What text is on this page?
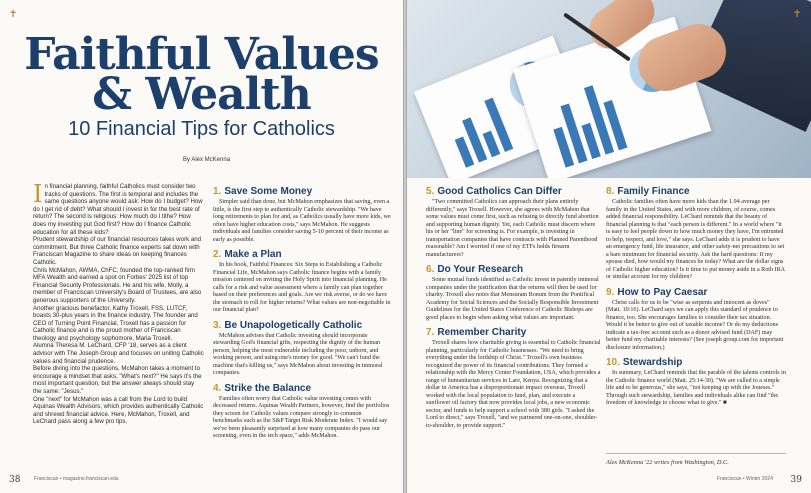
✝
Faithful Values
& Wealth
10 Financial Tips for Catholics
By Alex McKenna

In financial planning, faithful Catholics must consider two tracks of questions. The first is temporal and includes the same questions anyone would ask: How do I budget? How do I get rid of debt? What should I invest in for the best rate of return? The second is religious: How much do I tithe? How does my investing put God first? How do I finance Catholic education for all these kids?

Prudent stewardship of our financial resources takes work and commitment. But three Catholic finance experts sat down with Franciscan Magazine to share ideas on keeping finances Catholic.

Chris McMahon, AWMA, ChFC, founded the top-ranked firm MFA Wealth and earned a spot on Forbes' 2025 list of top Financial Security Professionals. He and his wife, Molly, a member of Franciscan University's Board of Trustees, are also generous supporters of the University.

Another gracious benefactor, Kathy Troxell, FSS, LUTCF, boasts 30-plus years in the finance industry. The founder and CEO of Turning Point Financial, Troxell has a passion for Catholic finance and is the proud mother of Franciscan theology and psychology sophomore, Maria Troxell.

Alumna Theresa M. LeChard, CFP '18, serves as a client advisor with The Joseph Group and focuses on uniting Catholic values and financial prudence.

Before diving into the questions, McMahon takes a moment to encourage a mindset that asks, "What's next?" He says it's the most important question, but the answer always should stay the same: "Jesus."

One "next" for McMahon was a call from the Lord to build Aquinas Wealth Advisors, which provides authentically Catholic and shrewd financial advice. Here, McMahon, Troxell, and LeChard pass along a few pro tips.

1. Save Some Money
Simpler said than done, but McMahon emphasizes that saving, even a little, is the first step to authentically Catholic stewardship. "We have long retirements to plan for and, as Catholics usually have more kids, we often have higher education costs," says McMahon. He suggests individuals and families consider saving 5-10 percent of their income as early as possible.
2. Make a Plan
In his book, Faithful Finances: Six Steps to Establishing a Catholic Financial Life, McMahon says Catholic finance begins with a family mission centered on inviting the Holy Spirit into financial planning. He calls for a risk and value assessment where a family can plan together based on their preferences and goals. Are we risk averse, or do we have the stomach to roll for higher returns? What values are non-negotiable in our financial plan?
3. Be Unapologetically Catholic
McMahon advises that Catholic investing should incorporate stewarding God's financial gifts, respecting the dignity of the human person, helping the most vulnerable including the poor, unborn, and working person, and using one's money for good. "We can't fund the machine that's killing us," says McMahon about investing in immoral companies.
4. Strike the Balance
Families often worry that Catholic value investing comes with decreased returns. Aquinas Wealth Partners, however, find the portfolios they screen for Catholic values compare strongly to common benchmarks such as the S&P Target Risk Moderate Index. "I would say we've been pleasantly surprised at how many companies do pass our screening, even in the tech space," adds McMahon.
38	Franciscan • magazine.franciscan.edu
✝
5. Good Catholics Can Differ
"Two committed Catholics can approach their plans entirely differently," says Troxell. However, she agrees with McMahon that some values must come first, such as refusing to directly fund abortion and supporting human dignity. Yet, each Catholic must discern where his or her "line" for screening is. For example, is investing in transportation companies that have contracts with Planned Parenthood reasonable? Am I worried if one of my ETFs holds firearm manufacturers?
6. Do Your Research
Some mutual funds identified as Catholic invest in patently immoral companies under the justification that the returns will then be used for charity. Troxell also notes that Mensuram Bonum from the Pontifical Academy for Social Sciences and the Socially Responsible Investment Guidelines for the United States Conference of Catholic Bishops are good places to begin when asking what values are important.
7. Remember Charity
Troxell shares how charitable giving is essential to Catholic financial planning, particularly for Catholic businesses. "We need to bring everything under the lordship of Christ." Troxell's own business recognized the power of its financial contributions. They formed a relationship with the Mercy Center Foundation, USA, which provides a range of humanitarian services in Lare, Kenya. Recognizing that a dollar in America has a disproportionate impact overseas, Troxell worked with the local population to fund, plan, and execute a sunflower oil factory that now provides local jobs, a new economic sector, and funds to help support a school with 380 girls. "I asked the Lord to direct," says Troxell, "and we partnered one-on-one, shoulder-to-shoulder, to provide support."
8. Family Finance
Catholic families often have more kids than the 1.94 average per family in the United States, and with more children, of course, comes added financial responsibility. LeChard reminds that the beauty of financial planning is that "each person is different." In a world where "it is easy to feel people down to how much money they have, I'm entrusted to help, respect, and love," she says. LeChard adds it is prudent to have an emergency fund, life insurance, and other safety-net precautions to set a bare minimum for financial security. Ask the hard questions: If my spouse died, how would my finances be today? What are the dollar signs of Catholic higher education? Is it time to put money aside in a Roth IRA or similar account for my children?
9. How to Pay Caesar
Christ calls for us to be "wise as serpents and innocent as doves" (Matt. 10:16). LeChard says we can apply this standard of prudence to finance, too. She encourages families to consider their tax situation. Would it be better to give out of taxable income? Or do my deductions indicate a tax-free account such as a donor advised fund (DAF) may better fund my charitable interests? (See joseph group.com for important disclosure information.)
10. Stewardship
In summary, LeChard reminds that the parable of the talents controls in the Catholic finance world (Matt. 25:14-30). "We are called to a simple life and to be generous," she says, "not keeping up with the Joneses." Through such stewardship, families and individuals alike can find "the freedom of knowledge to choose what to give." ■
Alex McKenna '22 writes from Washington, D.C.
Franciscan • Winter 2024 39
